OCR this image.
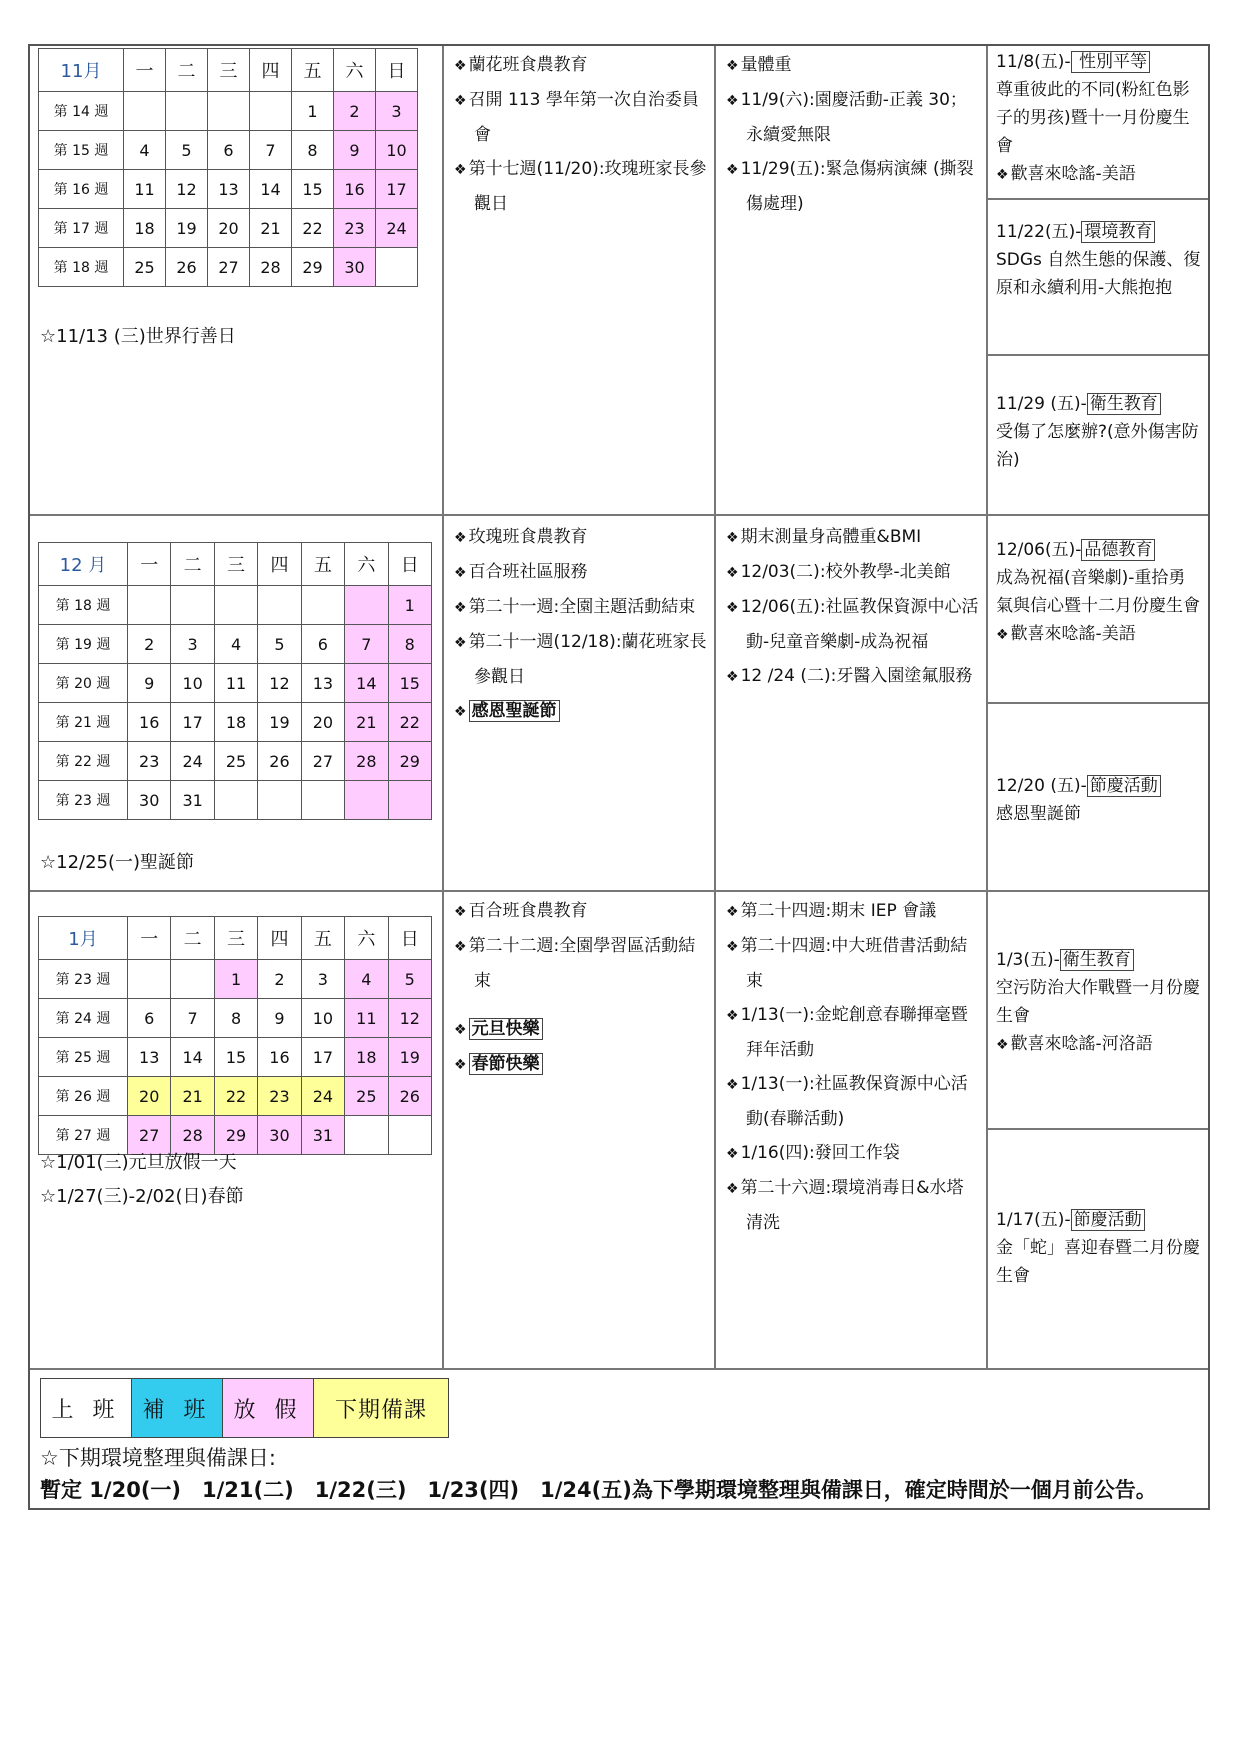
11月	一	二	三	四	五	六	日
第 14 週					1	2	3
第 15 週	4	5	6	7	8	9	10
第 16 週	11	12	13	14	15	16	17
第 17 週	18	19	20	21	22	23	24
第 18 週	25	26	27	28	29	30	
☆11/13 (三)世界行善日
❖ 蘭花班食農教育
❖ 召開 113 學年第一次自治委員會
❖ 第十七週(11/20):玫瑰班家長參觀日
❖ 量體重
❖ 11/9(六):園慶活動-正義 30；永續愛無限
❖ 11/29(五):緊急傷病演練 (撕裂傷處理)
11/8(五)- 性別平等
尊重彼此的不同(粉紅色影子的男孩)暨十一月份慶生會
❖ 歡喜來唸謠-美語
11/22(五)- 環境教育
SDGs 自然生態的保護、復原和永續利用-大熊抱抱
11/29 (五)- 衛生教育
受傷了怎麼辦?(意外傷害防治)
12 月	一	二	三	四	五	六	日
第 18 週							1
第 19 週	2	3	4	5	6	7	8
第 20 週	9	10	11	12	13	14	15
第 21 週	16	17	18	19	20	21	22
第 22 週	23	24	25	26	27	28	29
第 23 週	30	31					
☆12/25(一)聖誕節
❖ 玫瑰班食農教育
❖ 百合班社區服務
❖ 第二十一週:全園主題活動結束
❖ 第二十一週(12/18):蘭花班家長參觀日
❖ 感恩聖誕節
❖ 期末測量身高體重&BMI
❖ 12/03(二):校外教學-北美館
❖ 12/06(五):社區教保資源中心活動-兒童音樂劇-成為祝福
❖ 12 /24 (二):牙醫入園塗氟服務
12/06(五)- 品德教育
成為祝福(音樂劇)-重拾勇氣與信心暨十二月份慶生會
❖ 歡喜來唸謠-美語
12/20 (五)- 節慶活動
感恩聖誕節
1月	一	二	三	四	五	六	日
第 23 週			1	2	3	4	5
第 24 週	6	7	8	9	10	11	12
第 25 週	13	14	15	16	17	18	19
第 26 週	20	21	22	23	24	25	26
第 27 週	27	28	29	30	31		
☆1/01(三)元旦放假一天
☆1/27(三)-2/02(日)春節
❖ 百合班食農教育
❖ 第二十二週:全園學習區活動結束
❖ 元旦快樂
❖ 春節快樂
❖ 第二十四週:期末 IEP 會議
❖ 第二十四週:中大班借書活動結束
❖ 1/13(一):金蛇創意春聯揮毫暨拜年活動
❖ 1/13(一):社區教保資源中心活動(春聯活動)
❖ 1/16(四):發回工作袋
❖ 第二十六週:環境消毒日&水塔清洗
1/3(五)- 衛生教育
空污防治大作戰暨一月份慶生會
❖ 歡喜來唸謠-河洛語
1/17(五)- 節慶活動
金「蛇」喜迎春暨二月份慶生會
上 班	補 班	放 假	下期備課
☆下期環境整理與備課日:
暫定 1/20(一)　1/21(二)　1/22(三)　1/23(四)　1/24(五)為下學期環境整理與備課日，確定時間於一個月前公告。
